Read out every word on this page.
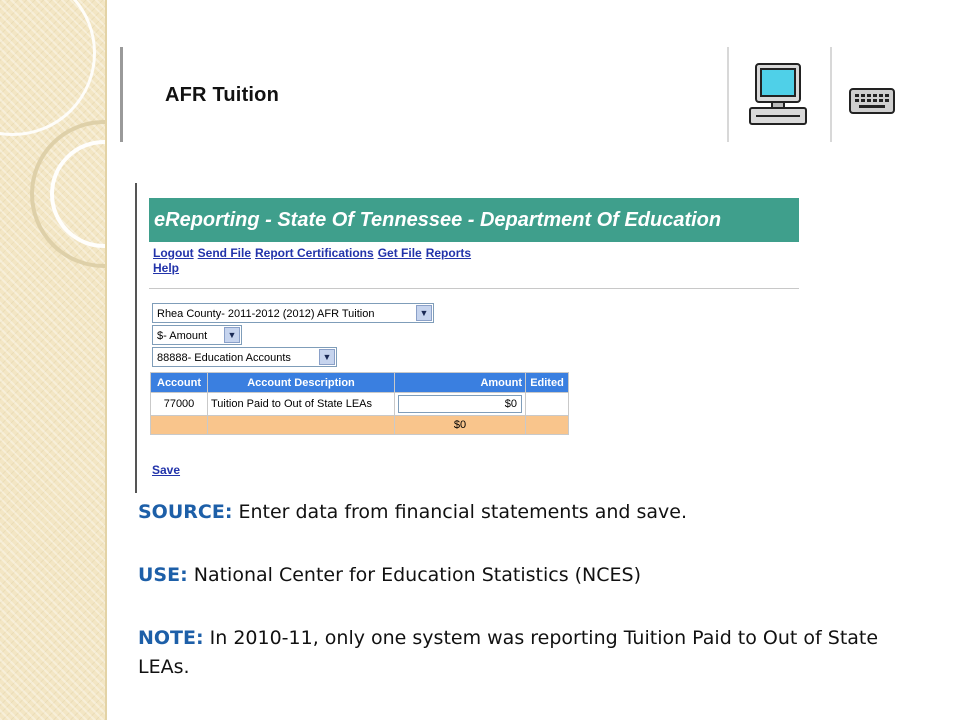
AFR Tuition
eReporting - State Of Tennessee - Department Of Education
Logout Send File Report Certifications Get File Reports
Help
Rhea County- 2011-2012 (2012) AFR Tuition	▼
$- Amount	▼
88888- Education Accounts	▼
Account	Account Description	Amount	Edited
77000	Tuition Paid to Out of State LEAs	$0	
		$0	
Save
SOURCE: Enter data from financial statements and save.
USE: National Center for Education Statistics (NCES)
NOTE: In 2010-11, only one system was reporting Tuition Paid to Out of State LEAs.
